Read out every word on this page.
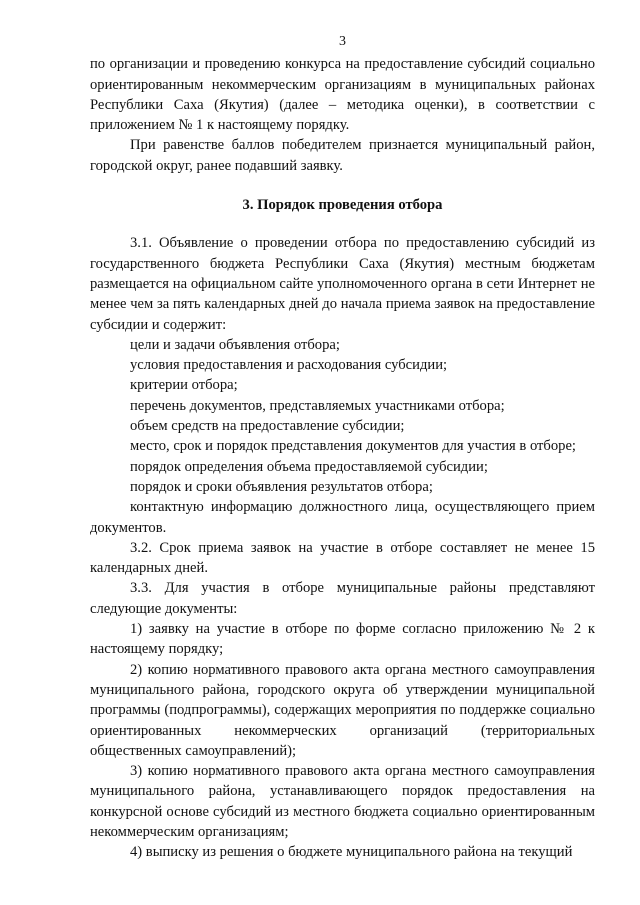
3

по организации и проведению конкурса на предоставление субсидий социально ориентированным некоммерческим организациям в муниципальных районах Республики Саха (Якутия) (далее – методика оценки), в соответствии с приложением № 1 к настоящему порядку.

При равенстве баллов победителем признается муниципальный район, городской округ, ранее подавший заявку.

3. Порядок проведения отбора

3.1. Объявление о проведении отбора по предоставлению субсидий из государственного бюджета Республики Саха (Якутия) местным бюджетам размещается на официальном сайте уполномоченного органа в сети Интернет не менее чем за пять календарных дней до начала приема заявок на предоставление субсидии и содержит:

цели и задачи объявления отбора;

условия предоставления и расходования субсидии;

критерии отбора;

перечень документов, представляемых участниками отбора;

объем средств на предоставление субсидии;

место, срок и порядок представления документов для участия в отборе;

порядок определения объема предоставляемой субсидии;

порядок и сроки объявления результатов отбора;

контактную информацию должностного лица, осуществляющего прием документов.

3.2. Срок приема заявок на участие в отборе составляет не менее 15 календарных дней.

3.3. Для участия в отборе муниципальные районы представляют следующие документы:

1) заявку на участие в отборе по форме согласно приложению № 2 к настоящему порядку;

2) копию нормативного правового акта органа местного самоуправления муниципального района, городского округа об утверждении муниципальной программы (подпрограммы), содержащих мероприятия по поддержке социально ориентированных некоммерческих организаций (территориальных общественных самоуправлений);

3) копию нормативного правового акта органа местного самоуправления муниципального района, устанавливающего порядок предоставления на конкурсной основе субсидий из местного бюджета социально ориентированным некоммерческим организациям;

4) выписку из решения о бюджете муниципального района на текущий
